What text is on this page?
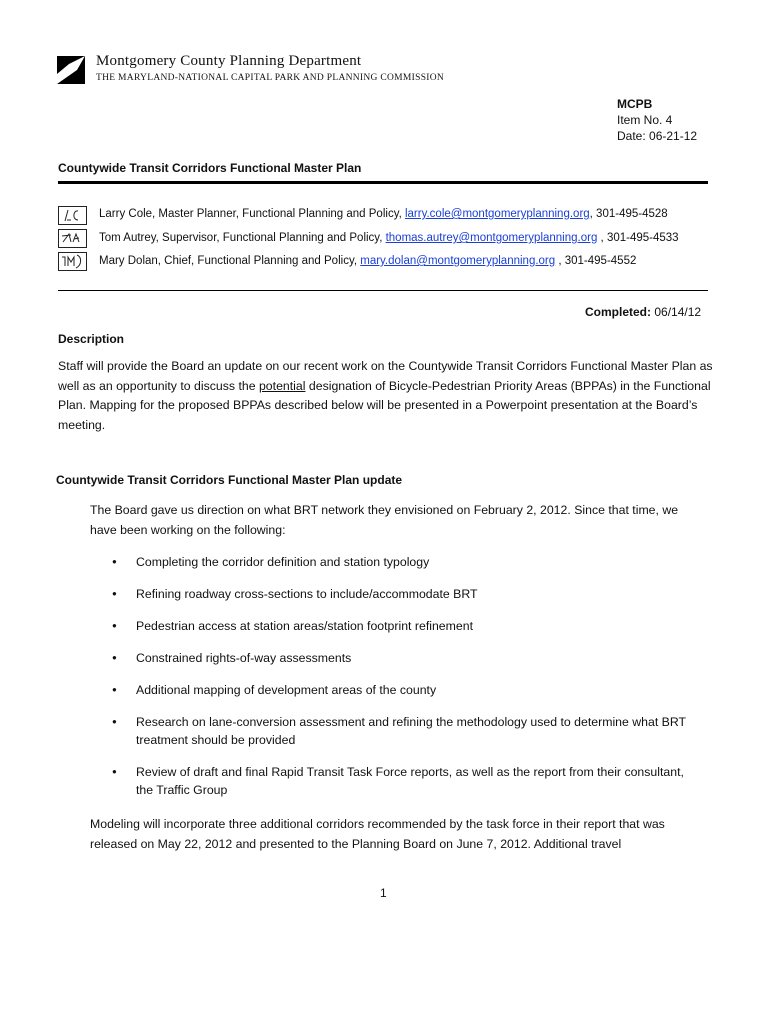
Montgomery County Planning Department
THE MARYLAND-NATIONAL CAPITAL PARK AND PLANNING COMMISSION
MCPB
Item No. 4
Date: 06-21-12
Countywide Transit Corridors Functional Master Plan
Larry Cole, Master Planner, Functional Planning and Policy, larry.cole@montgomeryplanning.org, 301-495-4528
Tom Autrey, Supervisor, Functional Planning and Policy, thomas.autrey@montgomeryplanning.org , 301-495-4533
Mary Dolan, Chief, Functional Planning and Policy, mary.dolan@montgomeryplanning.org , 301-495-4552
Completed: 06/14/12
Description
Staff will provide the Board an update on our recent work on the Countywide Transit Corridors Functional Master Plan as well as an opportunity to discuss the potential designation of Bicycle-Pedestrian Priority Areas (BPPAs) in the Functional Plan. Mapping for the proposed BPPAs described below will be presented in a Powerpoint presentation at the Board’s meeting.
Countywide Transit Corridors Functional Master Plan update
The Board gave us direction on what BRT network they envisioned on February 2, 2012. Since that time, we have been working on the following:
● Completing the corridor definition and station typology
● Refining roadway cross-sections to include/accommodate BRT
● Pedestrian access at station areas/station footprint refinement
● Constrained rights-of-way assessments
● Additional mapping of development areas of the county
● Research on lane-conversion assessment and refining the methodology used to determine what BRT treatment should be provided
● Review of draft and final Rapid Transit Task Force reports, as well as the report from their consultant, the Traffic Group
Modeling will incorporate three additional corridors recommended by the task force in their report that was released on May 22, 2012 and presented to the Planning Board on June 7, 2012. Additional travel
1
